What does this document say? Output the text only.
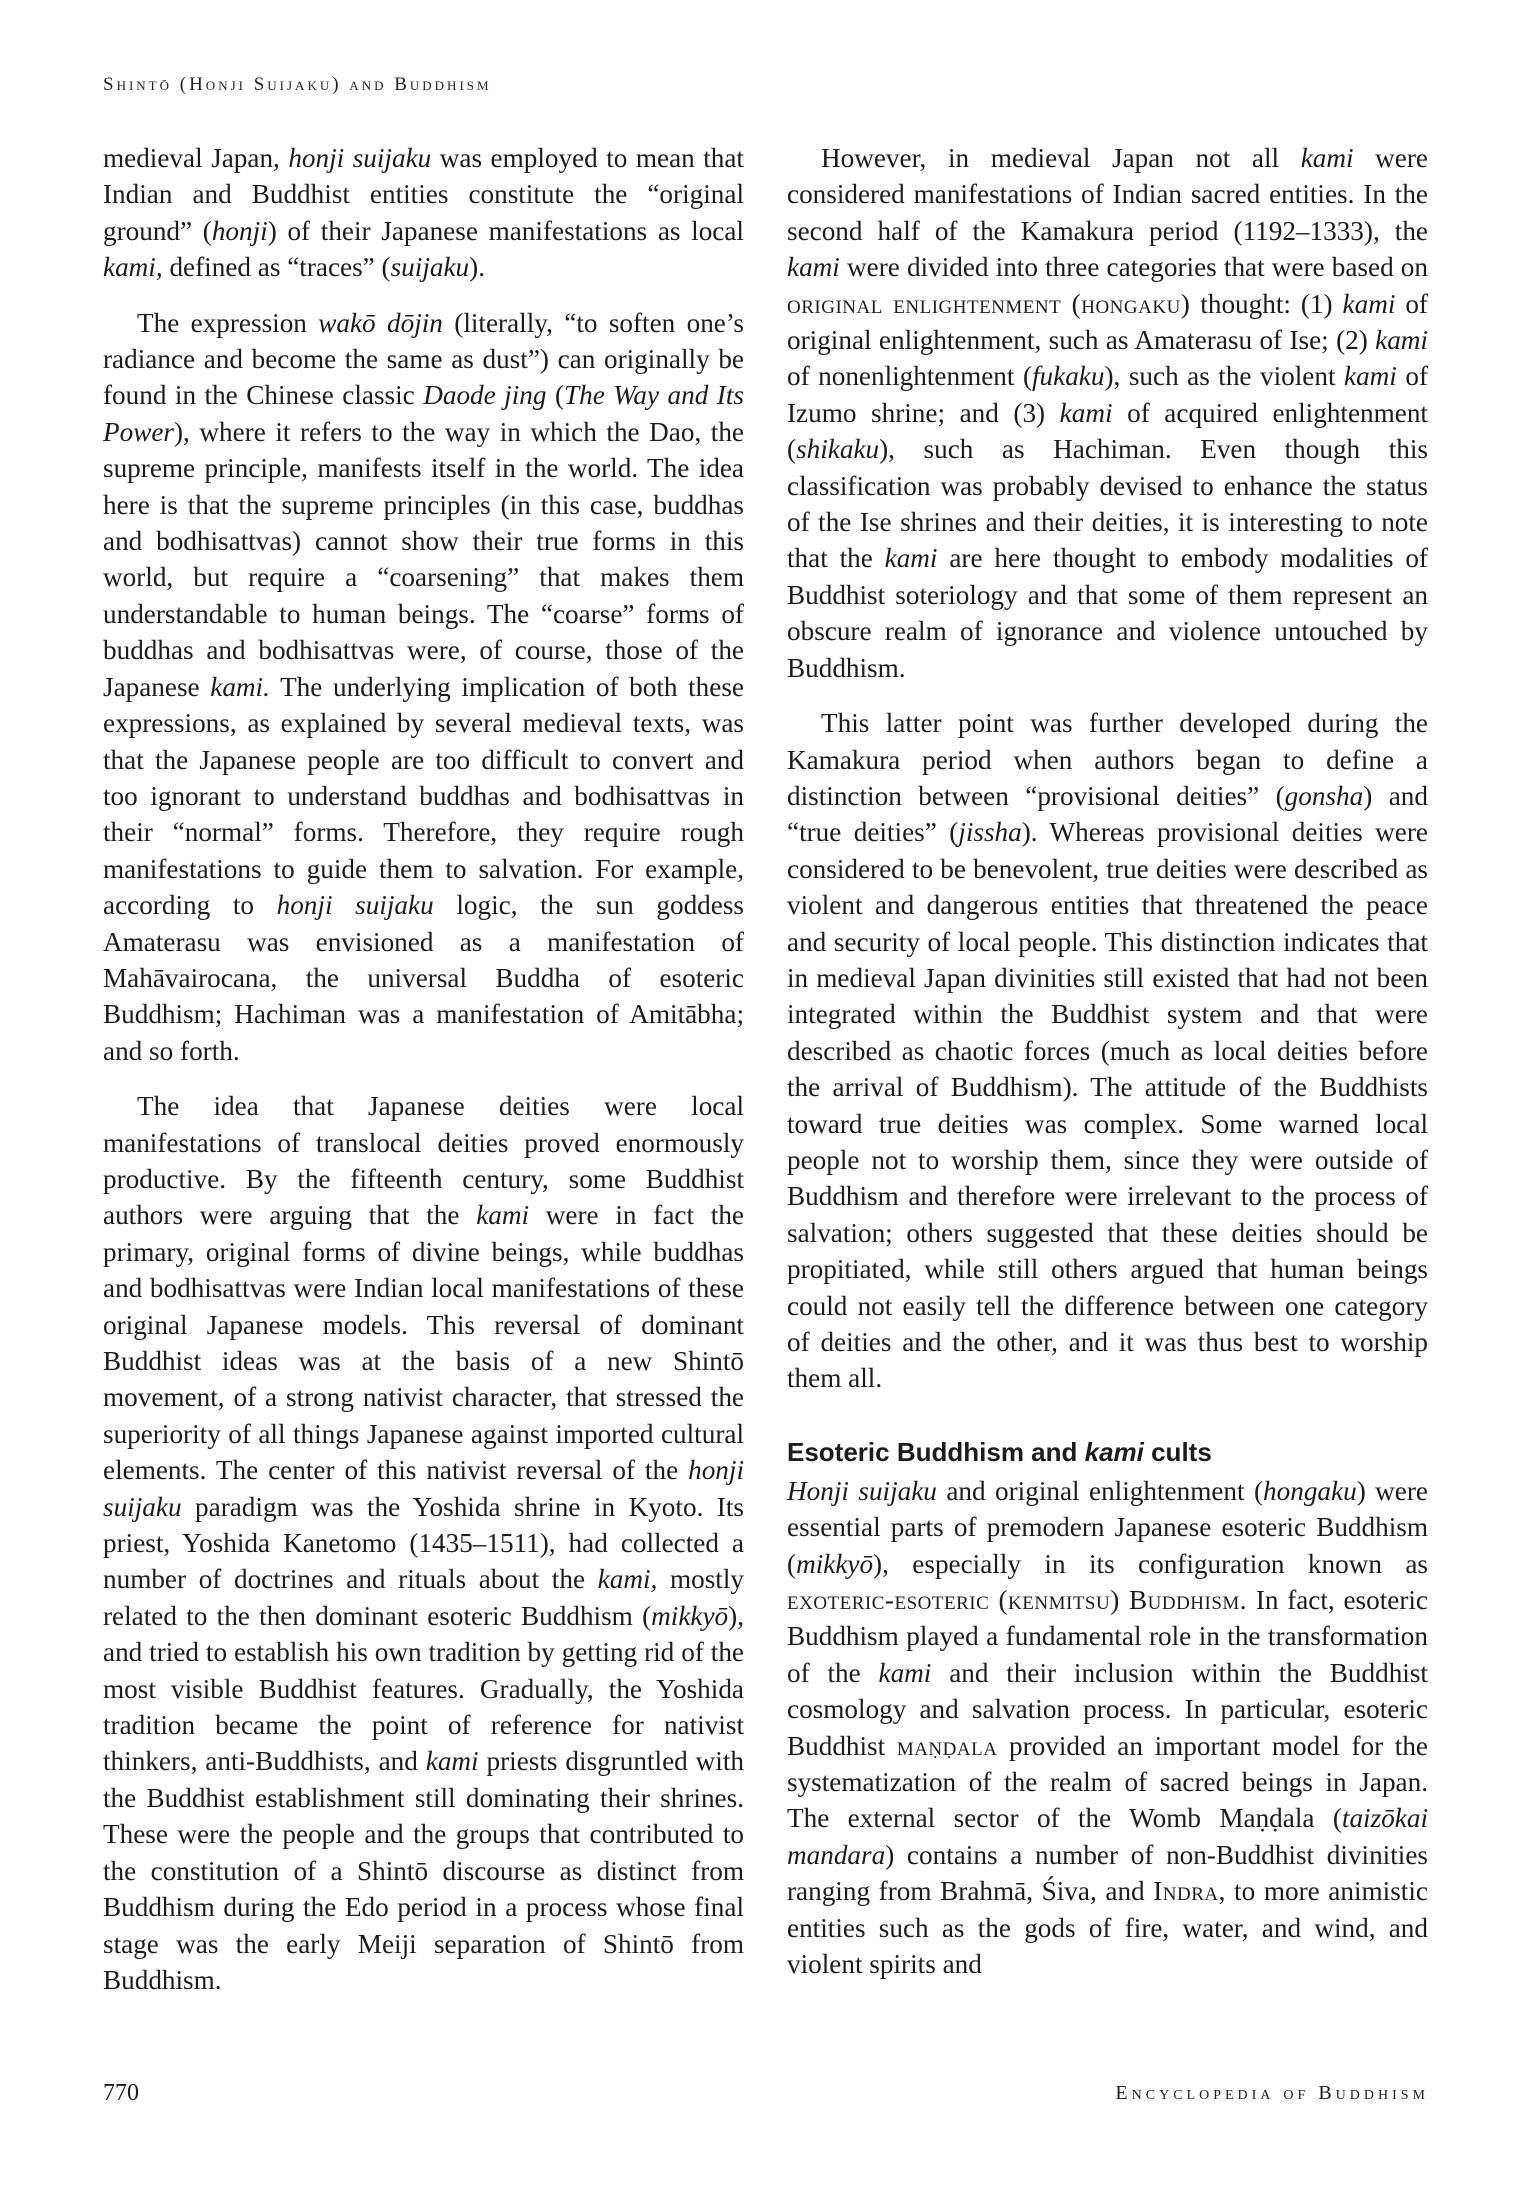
Shintō (Honji Suijaku) and Buddhism

medieval Japan, honji suijaku was employed to mean that Indian and Buddhist entities constitute the “original ground” (honji) of their Japanese manifestations as local kami, defined as “traces” (suijaku).

The expression wakō dōjin (literally, “to soften one’s radiance and become the same as dust”) can originally be found in the Chinese classic Daode jing (The Way and Its Power), where it refers to the way in which the Dao, the supreme principle, manifests itself in the world. The idea here is that the supreme principles (in this case, buddhas and bodhisattvas) cannot show their true forms in this world, but require a “coarsening” that makes them understandable to human beings. The “coarse” forms of buddhas and bodhisattvas were, of course, those of the Japanese kami. The underlying implication of both these expressions, as explained by several medieval texts, was that the Japanese people are too difficult to convert and too ignorant to understand buddhas and bodhisattvas in their “normal” forms. Therefore, they require rough manifestations to guide them to salvation. For example, according to honji suijaku logic, the sun goddess Amaterasu was envisioned as a manifestation of Mahāvairocana, the universal Buddha of esoteric Buddhism; Hachiman was a manifestation of Amitābha; and so forth.

The idea that Japanese deities were local manifestations of translocal deities proved enormously productive. By the fifteenth century, some Buddhist authors were arguing that the kami were in fact the primary, original forms of divine beings, while buddhas and bodhisattvas were Indian local manifestations of these original Japanese models. This reversal of dominant Buddhist ideas was at the basis of a new Shintō movement, of a strong nativist character, that stressed the superiority of all things Japanese against imported cultural elements. The center of this nativist reversal of the honji suijaku paradigm was the Yoshida shrine in Kyoto. Its priest, Yoshida Kanetomo (1435–1511), had collected a number of doctrines and rituals about the kami, mostly related to the then dominant esoteric Buddhism (mikkyō), and tried to establish his own tradition by getting rid of the most visible Buddhist features. Gradually, the Yoshida tradition became the point of reference for nativist thinkers, anti-Buddhists, and kami priests disgruntled with the Buddhist establishment still dominating their shrines. These were the people and the groups that contributed to the constitution of a Shintō discourse as distinct from Buddhism during the Edo period in a process whose final stage was the early Meiji separation of Shintō from Buddhism.

However, in medieval Japan not all kami were considered manifestations of Indian sacred entities. In the second half of the Kamakura period (1192–1333), the kami were divided into three categories that were based on original enlightenment (hongaku) thought: (1) kami of original enlightenment, such as Amaterasu of Ise; (2) kami of nonenlightenment (fukaku), such as the violent kami of Izumo shrine; and (3) kami of acquired enlightenment (shikaku), such as Hachiman. Even though this classification was probably devised to enhance the status of the Ise shrines and their deities, it is interesting to note that the kami are here thought to embody modalities of Buddhist soteriology and that some of them represent an obscure realm of ignorance and violence untouched by Buddhism.

This latter point was further developed during the Kamakura period when authors began to define a distinction between “provisional deities” (gonsha) and “true deities” (jissha). Whereas provisional deities were considered to be benevolent, true deities were described as violent and dangerous entities that threatened the peace and security of local people. This distinction indicates that in medieval Japan divinities still existed that had not been integrated within the Buddhist system and that were described as chaotic forces (much as local deities before the arrival of Buddhism). The attitude of the Buddhists toward true deities was complex. Some warned local people not to worship them, since they were outside of Buddhism and therefore were irrelevant to the process of salvation; others suggested that these deities should be propitiated, while still others argued that human beings could not easily tell the difference between one category of deities and the other, and it was thus best to worship them all.

Esoteric Buddhism and kami cults

Honji suijaku and original enlightenment (hongaku) were essential parts of premodern Japanese esoteric Buddhism (mikkyō), especially in its configuration known as exoteric-esoteric (kenmitsu) Buddhism. In fact, esoteric Buddhism played a fundamental role in the transformation of the kami and their inclusion within the Buddhist cosmology and salvation process. In particular, esoteric Buddhist maṇḍala provided an important model for the systematization of the realm of sacred beings in Japan. The external sector of the Womb Maṇḍala (taizōkai mandara) contains a number of non-Buddhist divinities ranging from Brahmā, Śiva, and Indra, to more animistic entities such as the gods of fire, water, and wind, and violent spirits and

770	Encyclopedia of Buddhism
